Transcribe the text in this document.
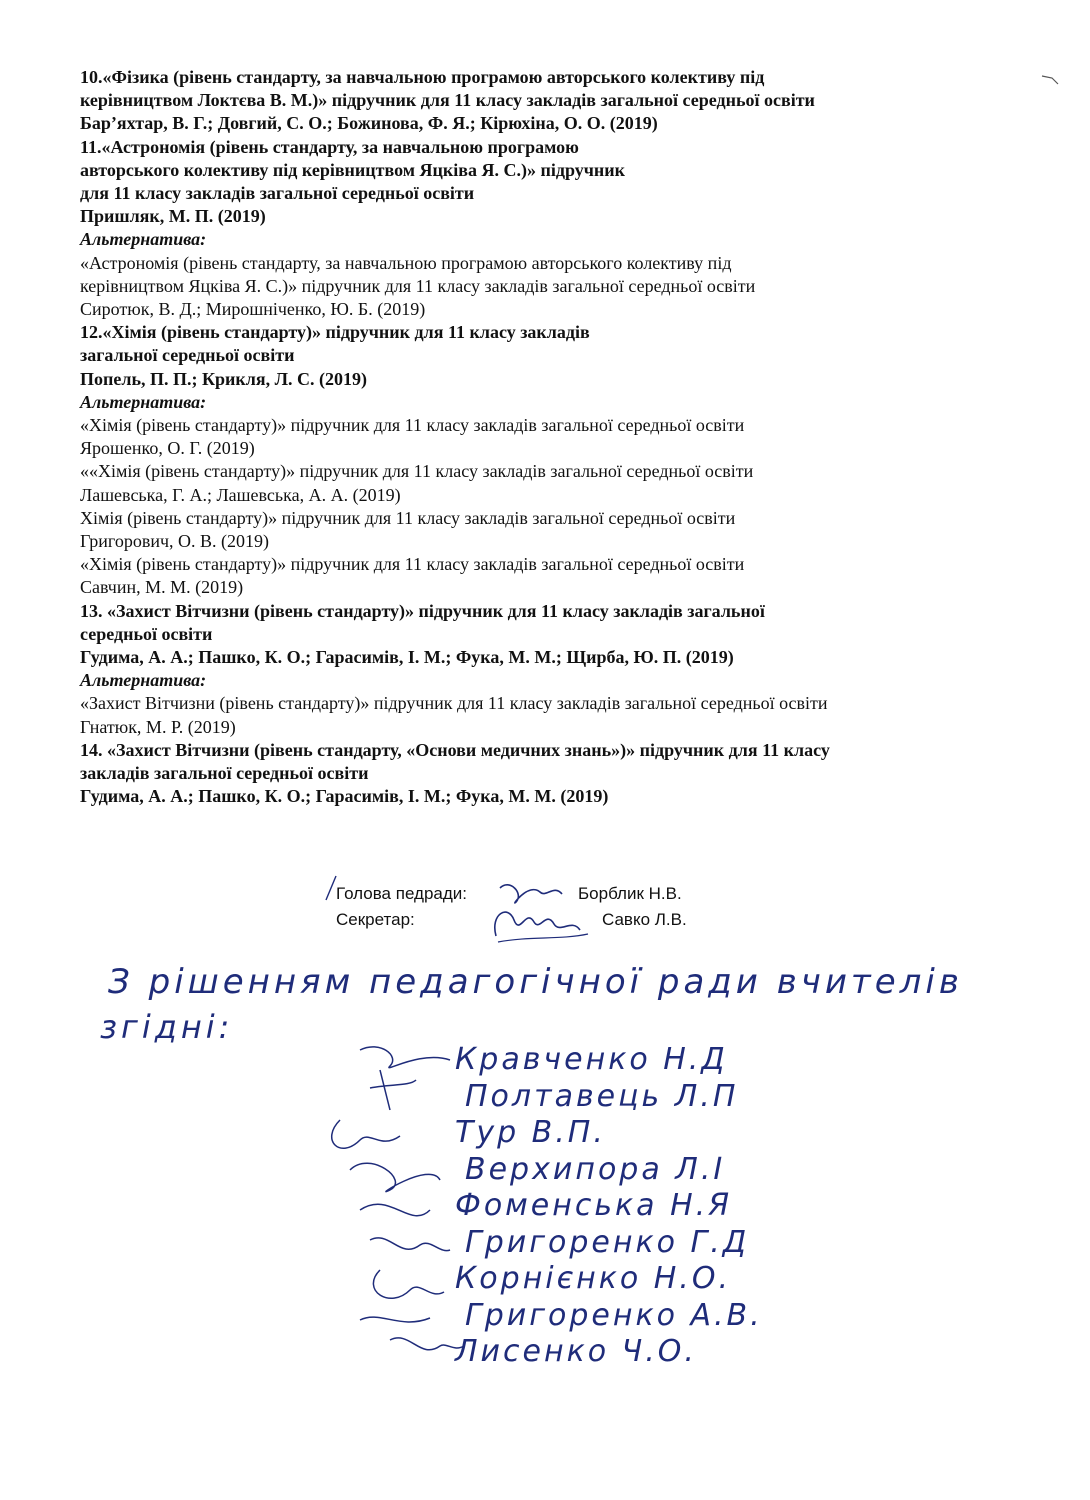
10.«Фізика (рівень стандарту, за навчальною програмою авторського колективу під
керівництвом Локтєва В. М.)» підручник для 11 класу закладів загальної середньої освіти
Бар’яхтар, В. Г.; Довгий, С. О.; Божинова, Ф. Я.; Кірюхіна, О. О. (2019)
11.«Астрономія (рівень стандарту, за навчальною програмою
авторського колективу під керівництвом Яцківа Я. С.)» підручник
для 11 класу закладів загальної середньої освіти
Пришляк, М. П. (2019)
Альтернатива:
«Астрономія (рівень стандарту, за навчальною програмою авторського колективу під
керівництвом Яцківа Я. С.)» підручник для 11 класу закладів загальної середньої освіти
Сиротюк, В. Д.; Мирошніченко, Ю. Б. (2019)
12.«Хімія (рівень стандарту)» підручник для 11 класу закладів
загальної середньої освіти
Попель, П. П.; Крикля, Л. С. (2019)
Альтернатива:
«Хімія (рівень стандарту)» підручник для 11 класу закладів загальної середньої освіти
Ярошенко, О. Г. (2019)
««Хімія (рівень стандарту)» підручник для 11 класу закладів загальної середньої освіти
Лашевська, Г. А.; Лашевська, А. А. (2019)
Хімія (рівень стандарту)» підручник для 11 класу закладів загальної середньої освіти
Григорович, О. В. (2019)
«Хімія (рівень стандарту)» підручник для 11 класу закладів загальної середньої освіти
Савчин, М. М. (2019)
13. «Захист Вітчизни (рівень стандарту)» підручник для 11 класу закладів загальної
середньої освіти
Гудима, А. А.; Пашко, К. О.; Гарасимів, І. М.; Фука, М. М.; Щирба, Ю. П. (2019)
Альтернатива:
«Захист Вітчизни (рівень стандарту)» підручник для 11 класу закладів загальної середньої освіти
Гнатюк, М. Р. (2019)
14. «Захист Вітчизни (рівень стандарту, «Основи медичних знань»)» підручник для 11 класу
закладів загальної середньої освіти
Гудима, А. А.; Пашко, К. О.; Гарасимів, І. М.; Фука, М. М. (2019)
Голова педради:	Борблик Н.В.
Секретар:	Савко Л.В.
З рішенням педагогічної ради вчителів
згідні:
Кравченко Н.Д
Полтавець Л.П
Тур В.П.
Верхипора Л.І
Фоменська Н.Я
Григоренко Г.Д
Корнієнко Н.О.
Григоренко А.В.
Лисенко Ч.О.
